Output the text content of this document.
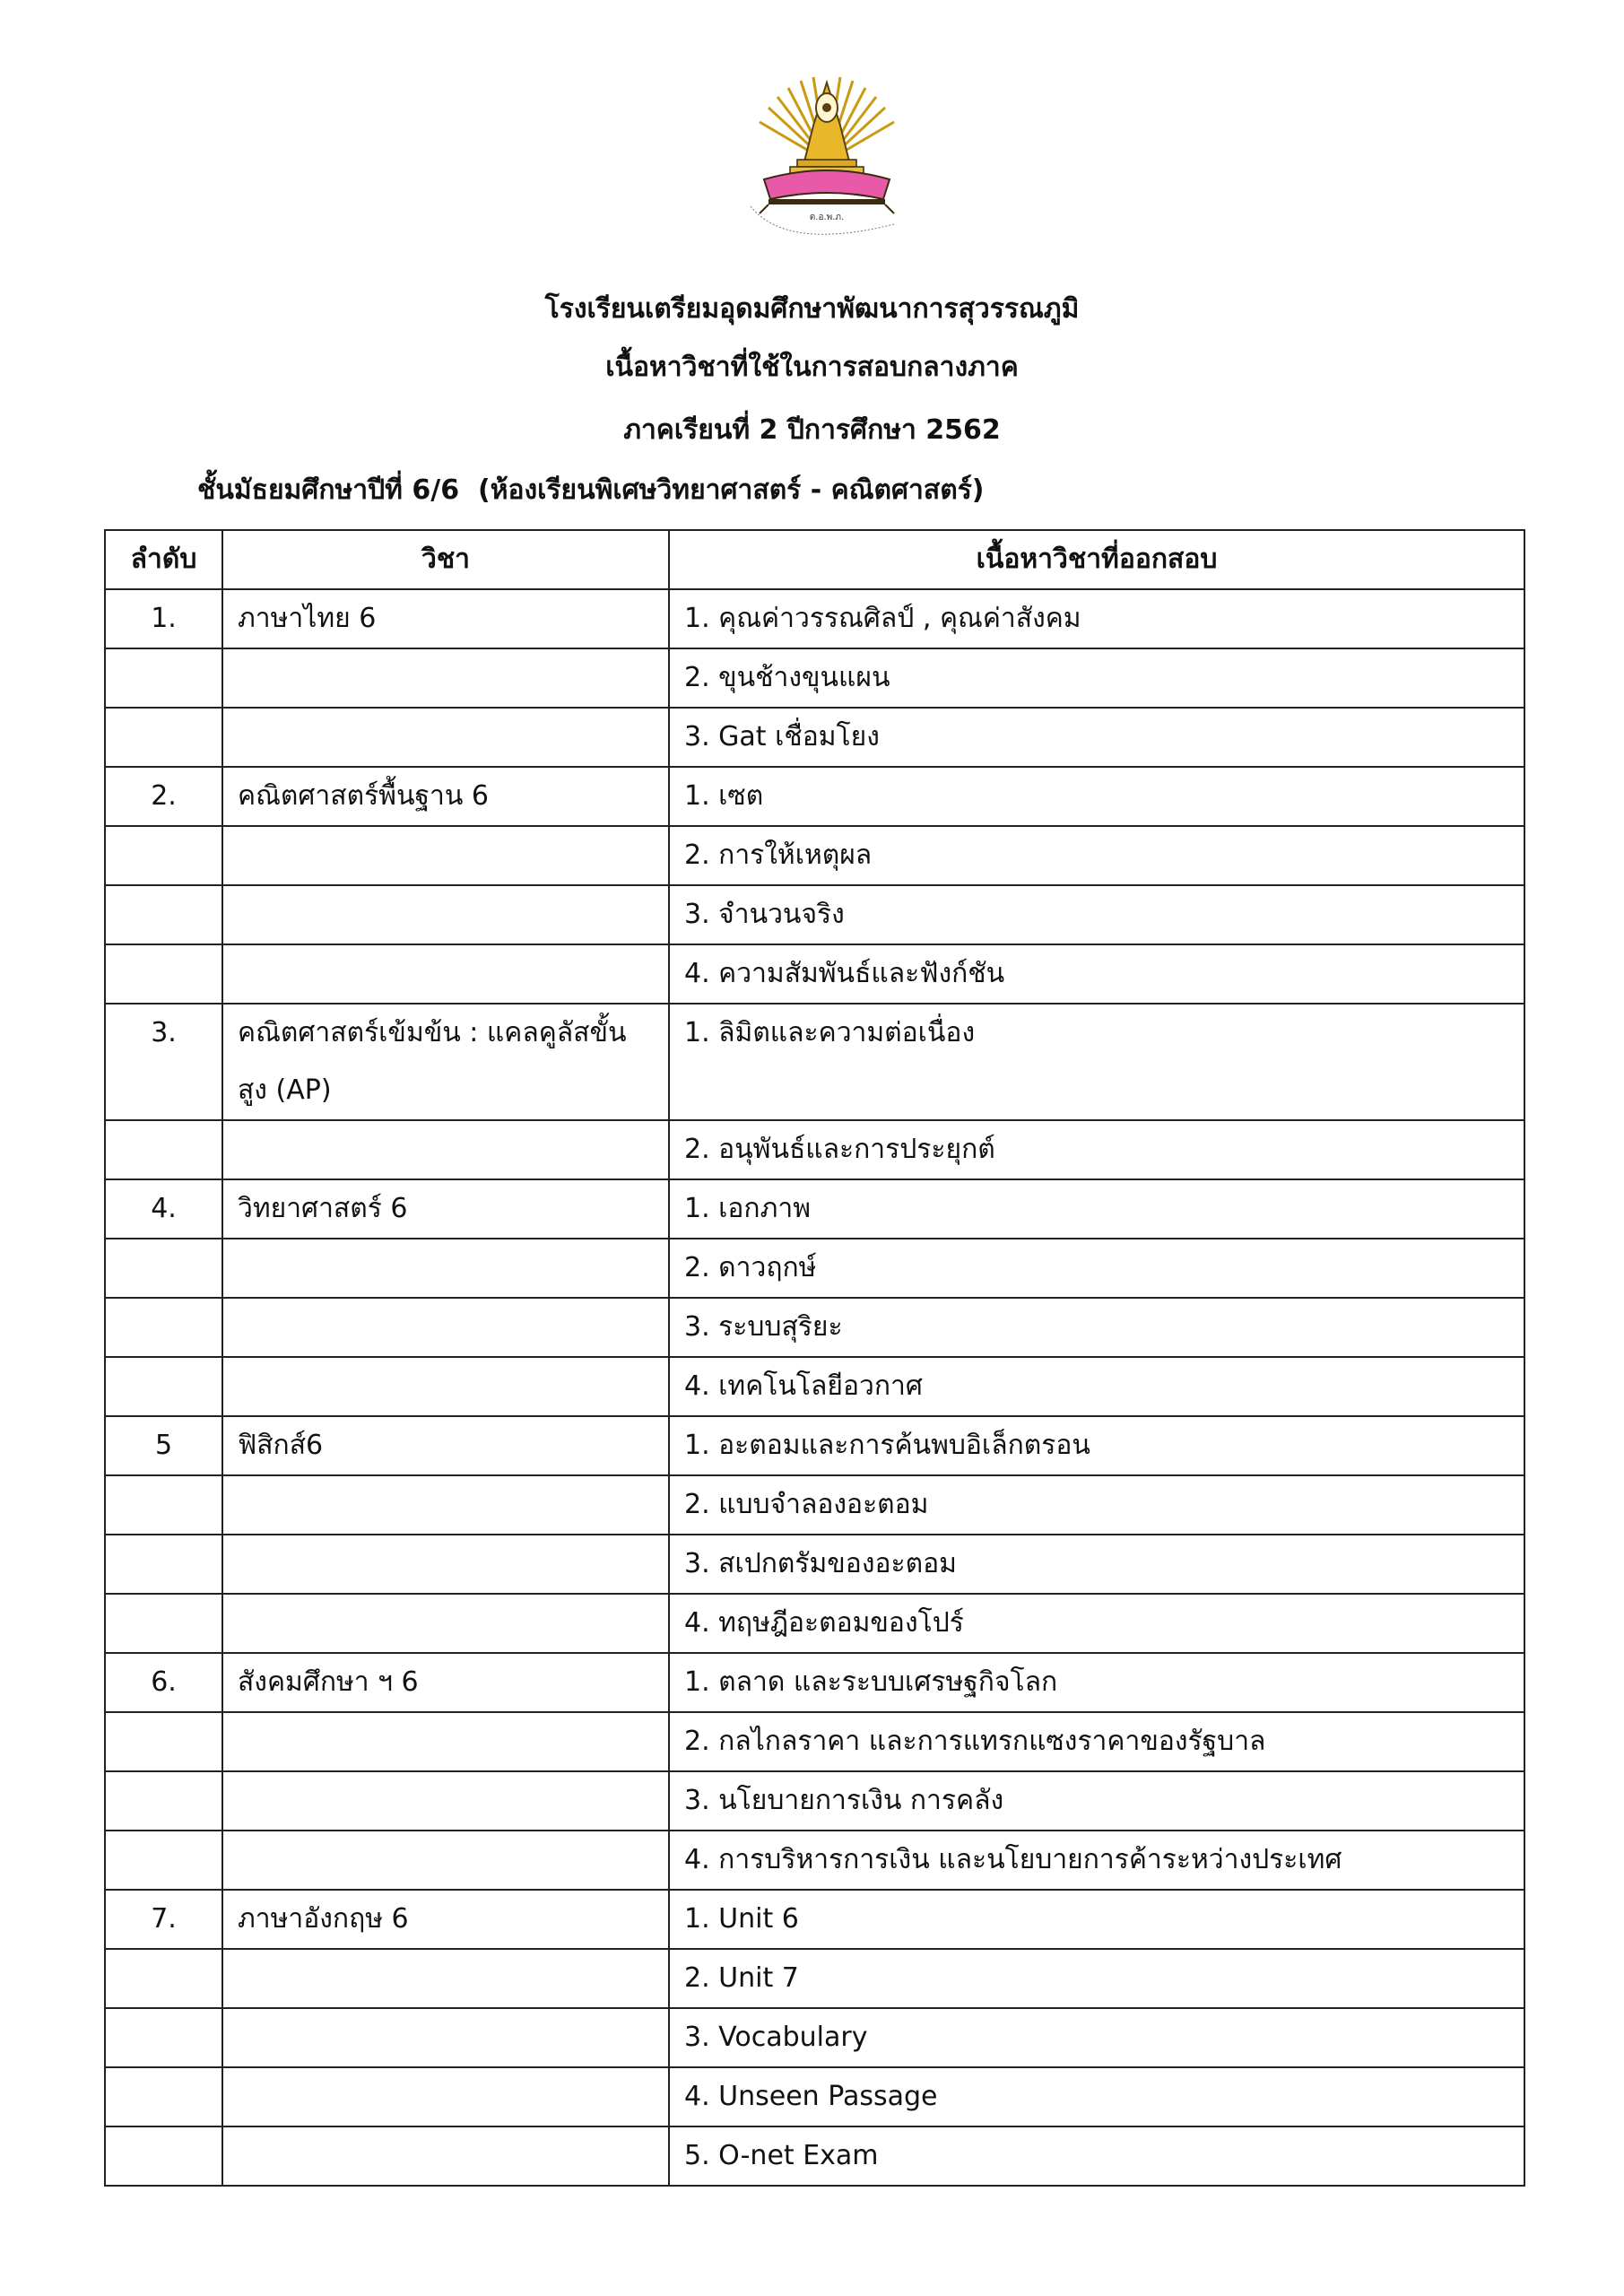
ต.อ.พ.ภ.
โรงเรียนเตรียมอุดมศึกษาพัฒนาการสุวรรณภูมิ
เนื้อหาวิชาที่ใช้ในการสอบกลางภาค
ภาคเรียนที่ 2 ปีการศึกษา 2562
ชั้นมัธยมศึกษาปีที่ 6/6  (ห้องเรียนพิเศษวิทยาศาสตร์ - คณิตศาสตร์)
ลำดับ	วิชา	เนื้อหาวิชาที่ออกสอบ
1.	ภาษาไทย 6	1. คุณค่าวรรณศิลป์ , คุณค่าสังคม
		2. ขุนช้างขุนแผน
		3. Gat เชื่อมโยง
2.	คณิตศาสตร์พื้นฐาน 6	1. เซต
		2. การให้เหตุผล
		3. จำนวนจริง
		4. ความสัมพันธ์และฟังก์ชัน
3.	คณิตศาสตร์เข้มข้น : แคลคูลัสขั้นสูง (AP)	1. ลิมิตและความต่อเนื่อง
		2. อนุพันธ์และการประยุกต์
4.	วิทยาศาสตร์ 6	1. เอกภาพ
		2. ดาวฤกษ์
		3. ระบบสุริยะ
		4. เทคโนโลยีอวกาศ
5	ฟิสิกส์6	1. อะตอมและการค้นพบอิเล็กตรอน
		2. แบบจำลองอะตอม
		3. สเปกตรัมของอะตอม
		4. ทฤษฎีอะตอมของโปร์
6.	สังคมศึกษา ฯ 6	1. ตลาด และระบบเศรษฐกิจโลก
		2. กลไกลราคา และการแทรกแซงราคาของรัฐบาล
		3. นโยบายการเงิน การคลัง
		4. การบริหารการเงิน และนโยบายการค้าระหว่างประเทศ
7.	ภาษาอังกฤษ 6	1. Unit 6
		2. Unit 7
		3. Vocabulary
		4. Unseen Passage
		5. O-net Exam
